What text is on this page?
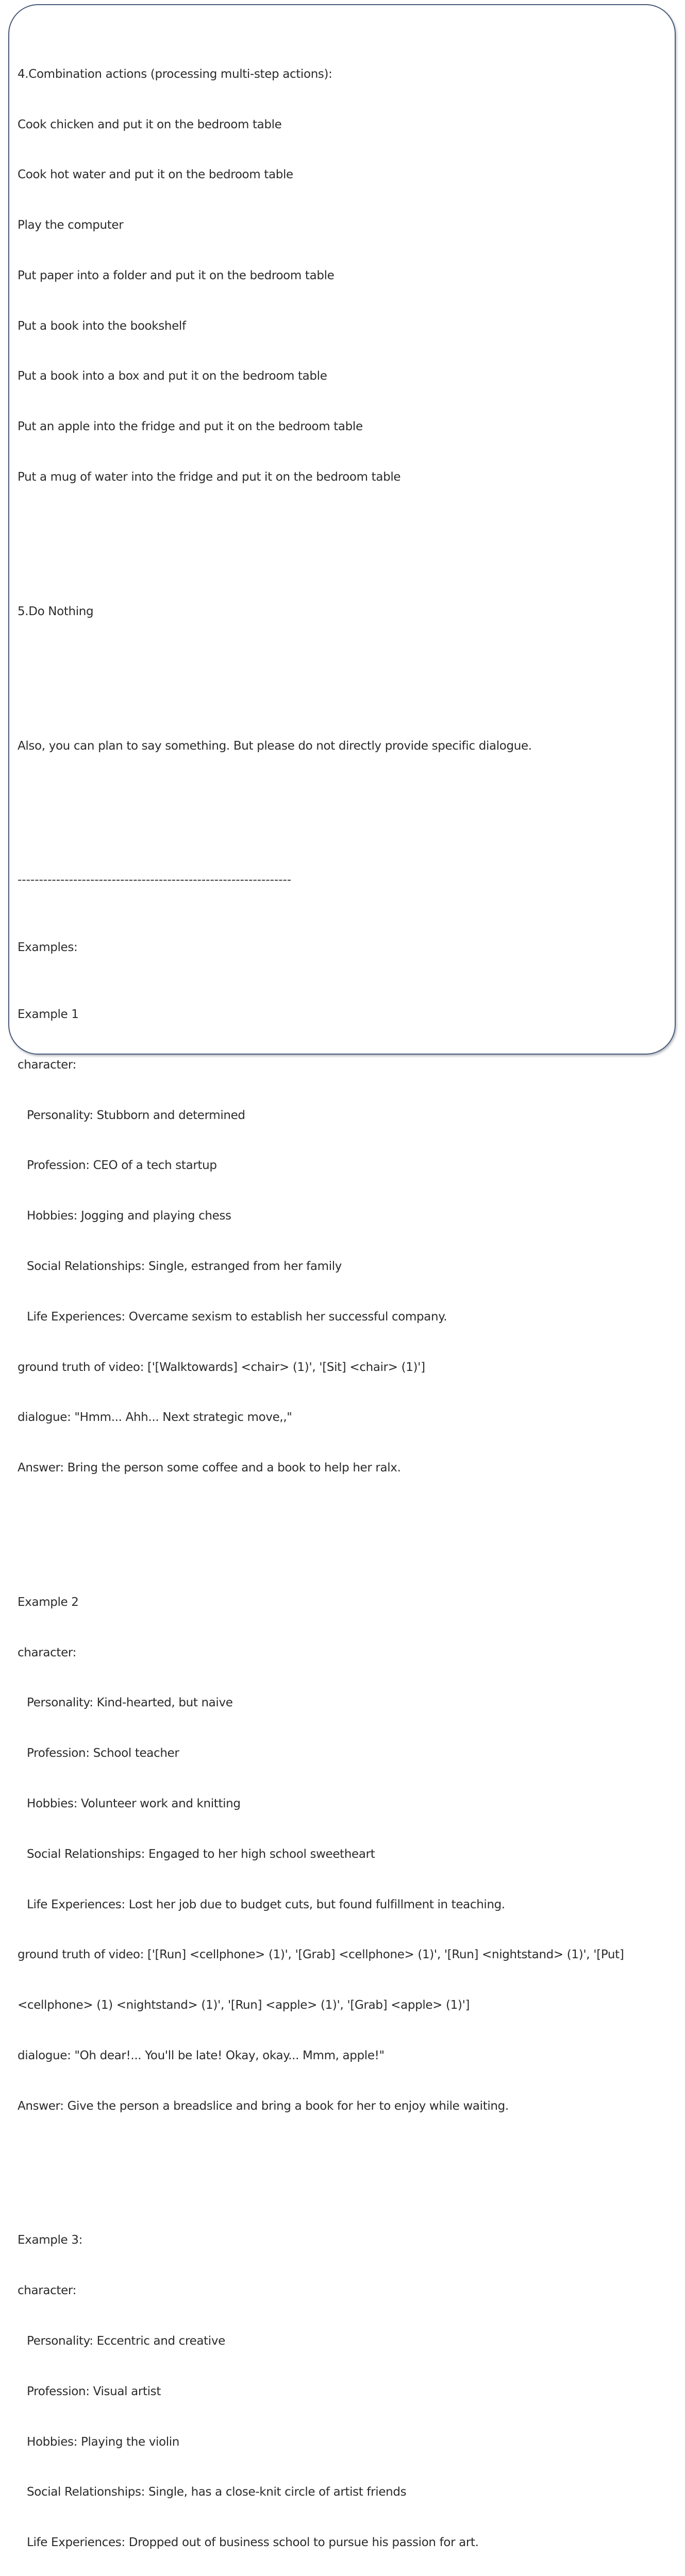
4.Combination actions (processing multi-step actions):

Cook chicken and put it on the bedroom table

Cook hot water and put it on the bedroom table

Play the computer

Put paper into a folder and put it on the bedroom table

Put a book into the bookshelf

Put a book into a box and put it on the bedroom table

Put an apple into the fridge and put it on the bedroom table

Put a mug of water into the fridge and put it on the bedroom table

5.Do Nothing

Also, you can plan to say something. But please do not directly provide specific dialogue.

----------------------------------------------------------------

Examples:

Example 1

character:

Personality: Stubborn and determined

Profession: CEO of a tech startup

Hobbies: Jogging and playing chess

Social Relationships: Single, estranged from her family

Life Experiences: Overcame sexism to establish her successful company.

ground truth of video: ['[Walktowards] <chair> (1)', '[Sit] <chair> (1)']

dialogue: "Hmm... Ahh... Next strategic move,,"

Answer: Bring the person some coffee and a book to help her ralx.

Example 2

character:

Personality: Kind-hearted, but naive

Profession: School teacher

Hobbies: Volunteer work and knitting

Social Relationships: Engaged to her high school sweetheart

Life Experiences: Lost her job due to budget cuts, but found fulfillment in teaching.

ground truth of video: ['[Run] <cellphone> (1)', '[Grab] <cellphone> (1)', '[Run] <nightstand> (1)', '[Put]

<cellphone> (1) <nightstand> (1)', '[Run] <apple> (1)', '[Grab] <apple> (1)']

dialogue: "Oh dear!... You'll be late! Okay, okay... Mmm, apple!"

Answer: Give the person a breadslice and bring a book for her to enjoy while waiting.

Example 3:

character:

Personality: Eccentric and creative

Profession: Visual artist

Hobbies: Playing the violin

Social Relationships: Single, has a close-knit circle of artist friends

Life Experiences: Dropped out of business school to pursue his passion for art.
